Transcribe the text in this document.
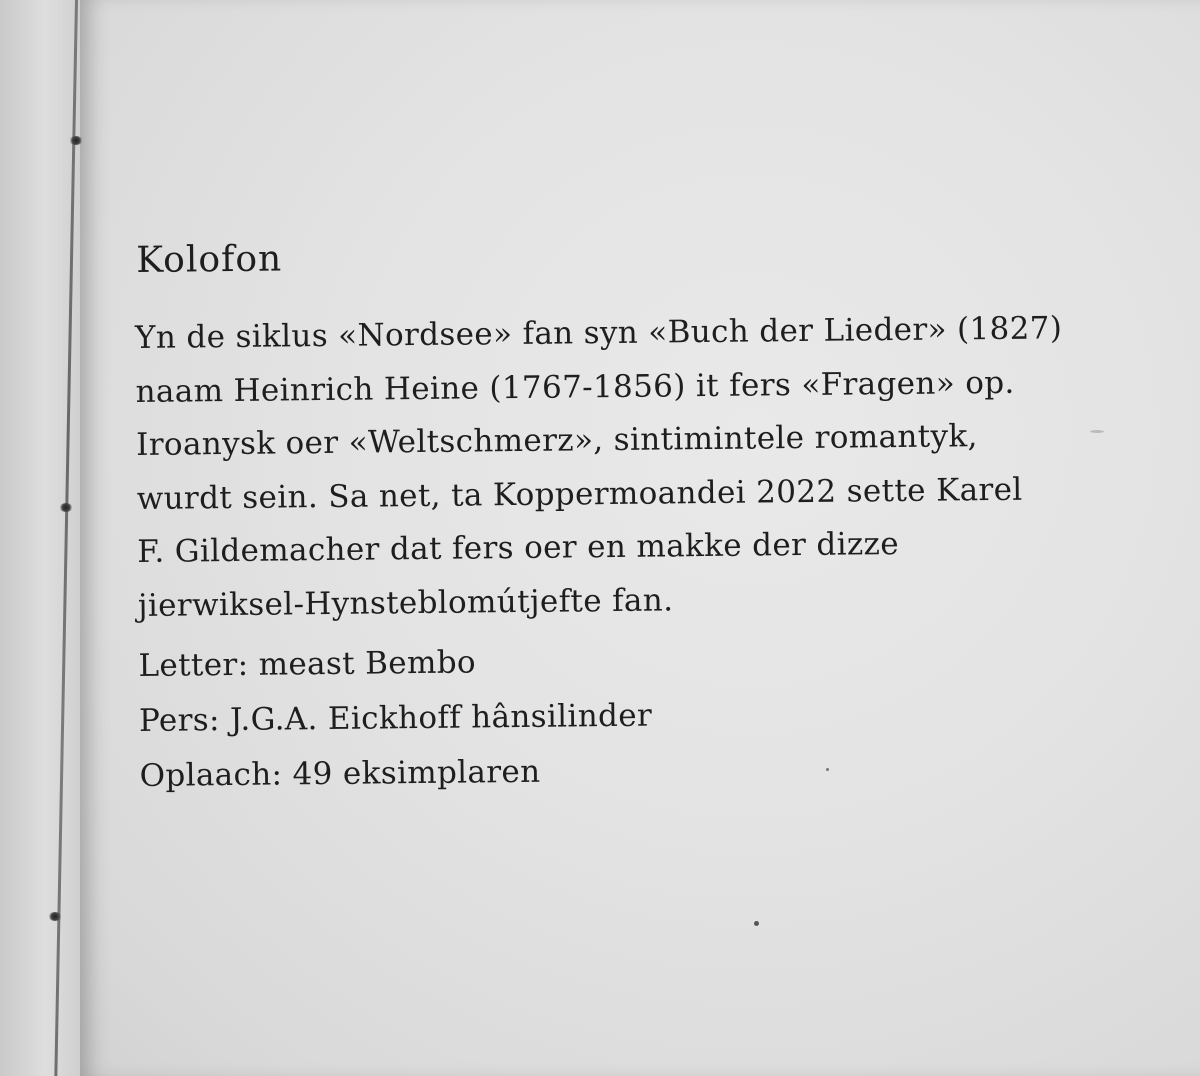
Kolofon
Yn de siklus «Nordsee» fan syn «Buch der Lieder» (1827)
naam Heinrich Heine (1767-1856) it fers «Fragen» op.
Iroanysk oer «Weltschmerz», sintimintele romantyk,
wurdt sein. Sa net, ta Koppermoandei 2022 sette Karel
F. Gildemacher dat fers oer en makke der dizze
jierwiksel-Hynsteblomútjefte fan.
Letter: meast Bembo
Pers: J.G.A. Eickhoff hânsilinder
Oplaach: 49 eksimplaren
